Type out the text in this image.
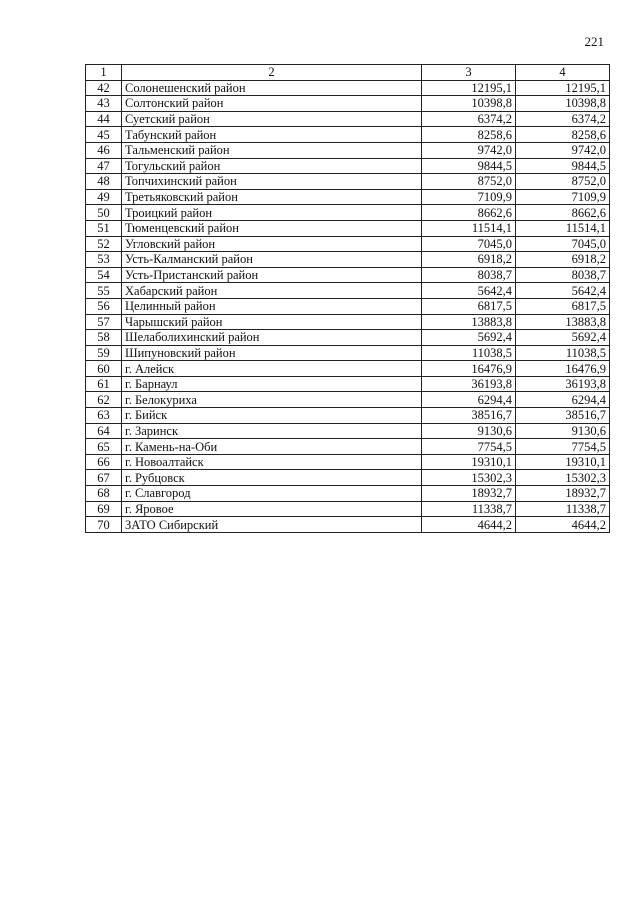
221
1	2	3	4
42	Солонешенский район	12195,1	12195,1
43	Солтонский район	10398,8	10398,8
44	Суетский район	6374,2	6374,2
45	Табунский район	8258,6	8258,6
46	Тальменский район	9742,0	9742,0
47	Тогульский район	9844,5	9844,5
48	Топчихинский район	8752,0	8752,0
49	Третьяковский район	7109,9	7109,9
50	Троицкий район	8662,6	8662,6
51	Тюменцевский район	11514,1	11514,1
52	Угловский район	7045,0	7045,0
53	Усть-Калманский район	6918,2	6918,2
54	Усть-Пристанский район	8038,7	8038,7
55	Хабарский район	5642,4	5642,4
56	Целинный район	6817,5	6817,5
57	Чарышский район	13883,8	13883,8
58	Шелаболихинский район	5692,4	5692,4
59	Шипуновский район	11038,5	11038,5
60	г. Алейск	16476,9	16476,9
61	г. Барнаул	36193,8	36193,8
62	г. Белокуриха	6294,4	6294,4
63	г. Бийск	38516,7	38516,7
64	г. Заринск	9130,6	9130,6
65	г. Камень-на-Оби	7754,5	7754,5
66	г. Новоалтайск	19310,1	19310,1
67	г. Рубцовск	15302,3	15302,3
68	г. Славгород	18932,7	18932,7
69	г. Яровое	11338,7	11338,7
70	ЗАТО Сибирский	4644,2	4644,2
